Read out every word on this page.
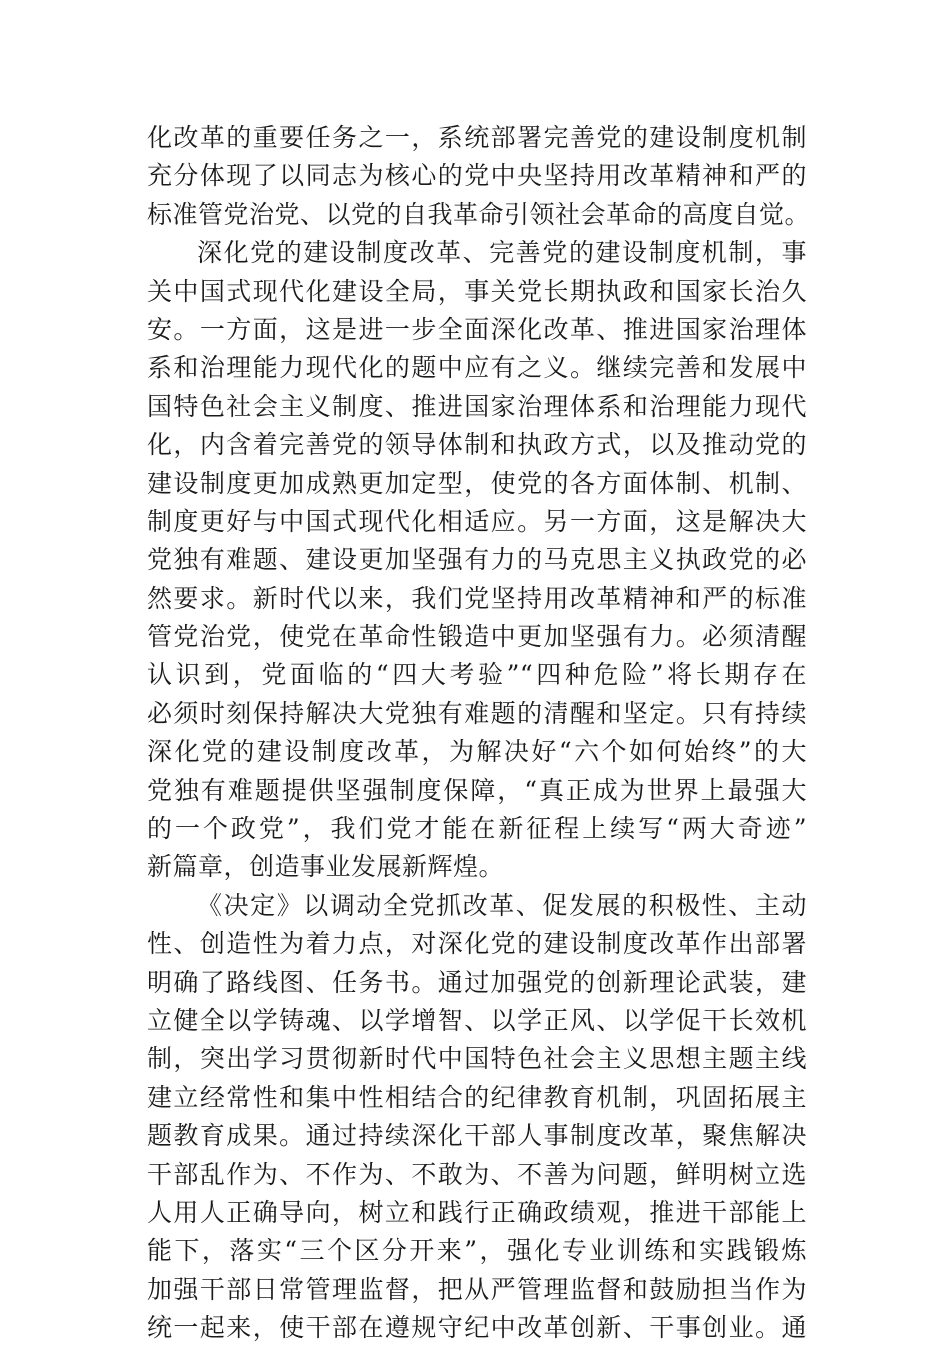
化改革的重要任务之一，系统部署完善党的建设制度机制
充分体现了以同志为核心的党中央坚持用改革精神和严的
标准管党治党、以党的自我革命引领社会革命的高度自觉。
深化党的建设制度改革、完善党的建设制度机制，事
关中国式现代化建设全局，事关党长期执政和国家长治久
安。一方面，这是进一步全面深化改革、推进国家治理体
系和治理能力现代化的题中应有之义。继续完善和发展中
国特色社会主义制度、推进国家治理体系和治理能力现代
化，内含着完善党的领导体制和执政方式，以及推动党的
建设制度更加成熟更加定型，使党的各方面体制、机制、
制度更好与中国式现代化相适应。另一方面，这是解决大
党独有难题、建设更加坚强有力的马克思主义执政党的必
然要求。新时代以来，我们党坚持用改革精神和严的标准
管党治党，使党在革命性锻造中更加坚强有力。必须清醒
认识到，党面临的“四大考验”“四种危险”将长期存在
必须时刻保持解决大党独有难题的清醒和坚定。只有持续
深化党的建设制度改革，为解决好“六个如何始终”的大
党独有难题提供坚强制度保障，“真正成为世界上最强大
的一个政党”，我们党才能在新征程上续写“两大奇迹”
新篇章，创造事业发展新辉煌。
《决定》以调动全党抓改革、促发展的积极性、主动
性、创造性为着力点，对深化党的建设制度改革作出部署
明确了路线图、任务书。通过加强党的创新理论武装，建
立健全以学铸魂、以学增智、以学正风、以学促干长效机
制，突出学习贯彻新时代中国特色社会主义思想主题主线
建立经常性和集中性相结合的纪律教育机制，巩固拓展主
题教育成果。通过持续深化干部人事制度改革，聚焦解决
干部乱作为、不作为、不敢为、不善为问题，鲜明树立选
人用人正确导向，树立和践行正确政绩观，推进干部能上
能下，落实“三个区分开来”，强化专业训练和实践锻炼
加强干部日常管理监督，把从严管理监督和鼓励担当作为
统一起来，使干部在遵规守纪中改革创新、干事创业。通
